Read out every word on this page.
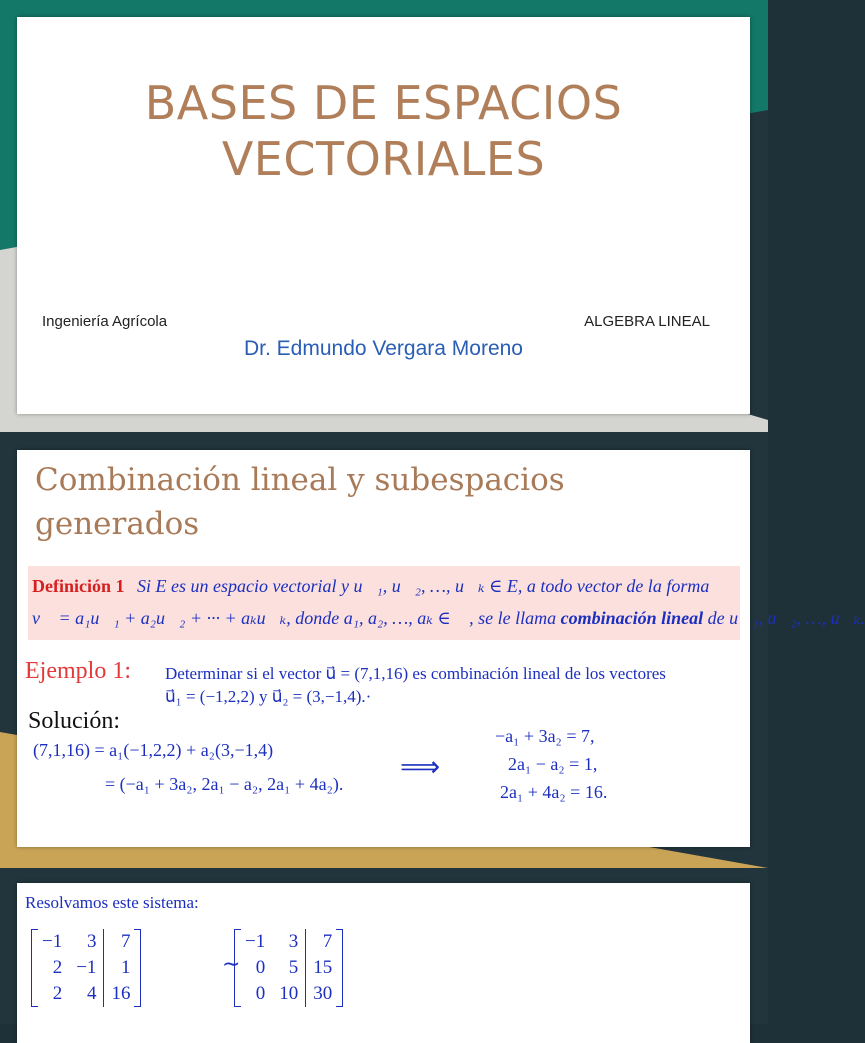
BASES DE ESPACIOS
VECTORIALES
Ingeniería Agrícola	ALGEBRA LINEAL
Dr. Edmundo Vergara Moreno
Combinación lineal y subespacios
generados
Definición 1 Si E es un espacio vectorial y u⃗₁, u⃗₂, …, u⃗ₖ ∈ E, a todo vector de la forma
v⃗ = a₁u⃗₁ + a₂u⃗₂ + ··· + aₖu⃗ₖ, donde a₁, a₂, …, aₖ ∈ ℝ, se le llama combinación lineal de u⃗₁, u⃗₂, …, u⃗ₖ.
Ejemplo 1: Determinar si el vector u⃗ = (7,1,16) es combinación lineal de los vectores
u⃗₁ = (−1,2,2) y u⃗₂ = (3,−1,4).·
Solución:
(7,1,16) = a₁(−1,2,2) + a₂(3,−1,4)
= (−a₁ + 3a₂, 2a₁ − a₂, 2a₁ + 4a₂).
⟹
−a₁ + 3a₂ = 7,
2a₁ − a₂ = 1,
2a₁ + 4a₂ = 16.
Resolvamos este sistema:
−1	3	7
2	−1	1
2	4	16
∼
−1	3	7
0	5	15
0	10	30
